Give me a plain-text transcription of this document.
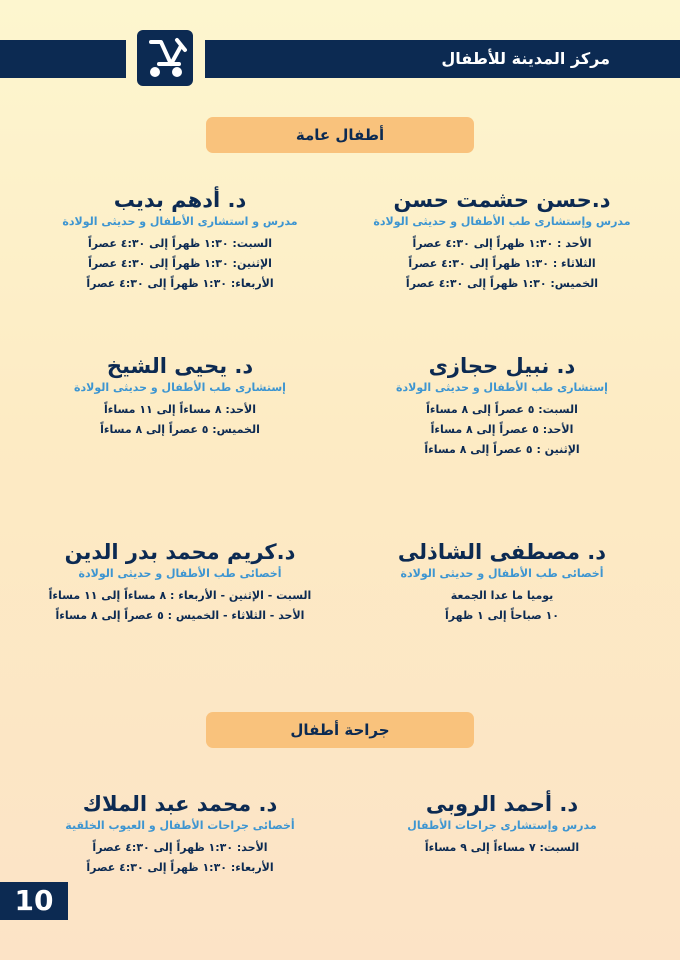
مركز المدينة للأطفال
أطفال عامة
د.حسن حشمت حسن
مدرس وإستشارى طب الأطفال و حديثى الولادة
الأحد : ١:٣٠ ظهراً إلى ٤:٣٠ عصراً
الثلاثاء : ١:٣٠ ظهراً إلى ٤:٣٠ عصراً
الخميس: ١:٣٠ ظهراً إلى ٤:٣٠ عصراً
د. أدهم بديب
مدرس و استشارى الأطفال و حديثى الولادة
السبت: ١:٣٠ ظهراً إلى ٤:٣٠ عصراً
الإثنين: ١:٣٠ ظهراً إلى ٤:٣٠ عصراً
الأربعاء: ١:٣٠ ظهراً إلى ٤:٣٠ عصراً
د. نبيل حجازى
إستشارى طب الأطفال و حديثى الولادة
السبت: ٥ عصراً إلى ٨ مساءاً
الأحد: ٥ عصراً إلى ٨ مساءاً
الإثنين : ٥ عصراً إلى ٨ مساءاً
د. يحيى الشيخ
إستشارى طب الأطفال و حديثى الولادة
الأحد: ٨ مساءاً إلى ١١ مساءاً
الخميس: ٥ عصراً إلى ٨ مساءاً
د. مصطفى الشاذلى
أخصائى طب الأطفال و حديثى الولادة
يوميا ما عدا الجمعة
١٠ صباحاً إلى ١ ظهراً
د.كريم محمد بدر الدين
أخصائى طب الأطفال و حديثى الولادة
السبت - الإثنين - الأربعاء : ٨ مساءاً إلى ١١ مساءاً
الأحد - الثلاثاء - الخميس : ٥ عصراً إلى ٨ مساءاً
جراحة أطفال
د. أحمد الروبى
مدرس وإستشارى جراحات الأطفال
السبت: ٧ مساءاً إلى ٩ مساءاً
د. محمد عبد الملاك
أخصائى جراحات الأطفال و العيوب الخلقية
الأحد: ١:٣٠ ظهراً إلى ٤:٣٠ عصراً
الأربعاء: ١:٣٠ ظهراً إلى ٤:٣٠ عصراً
10
